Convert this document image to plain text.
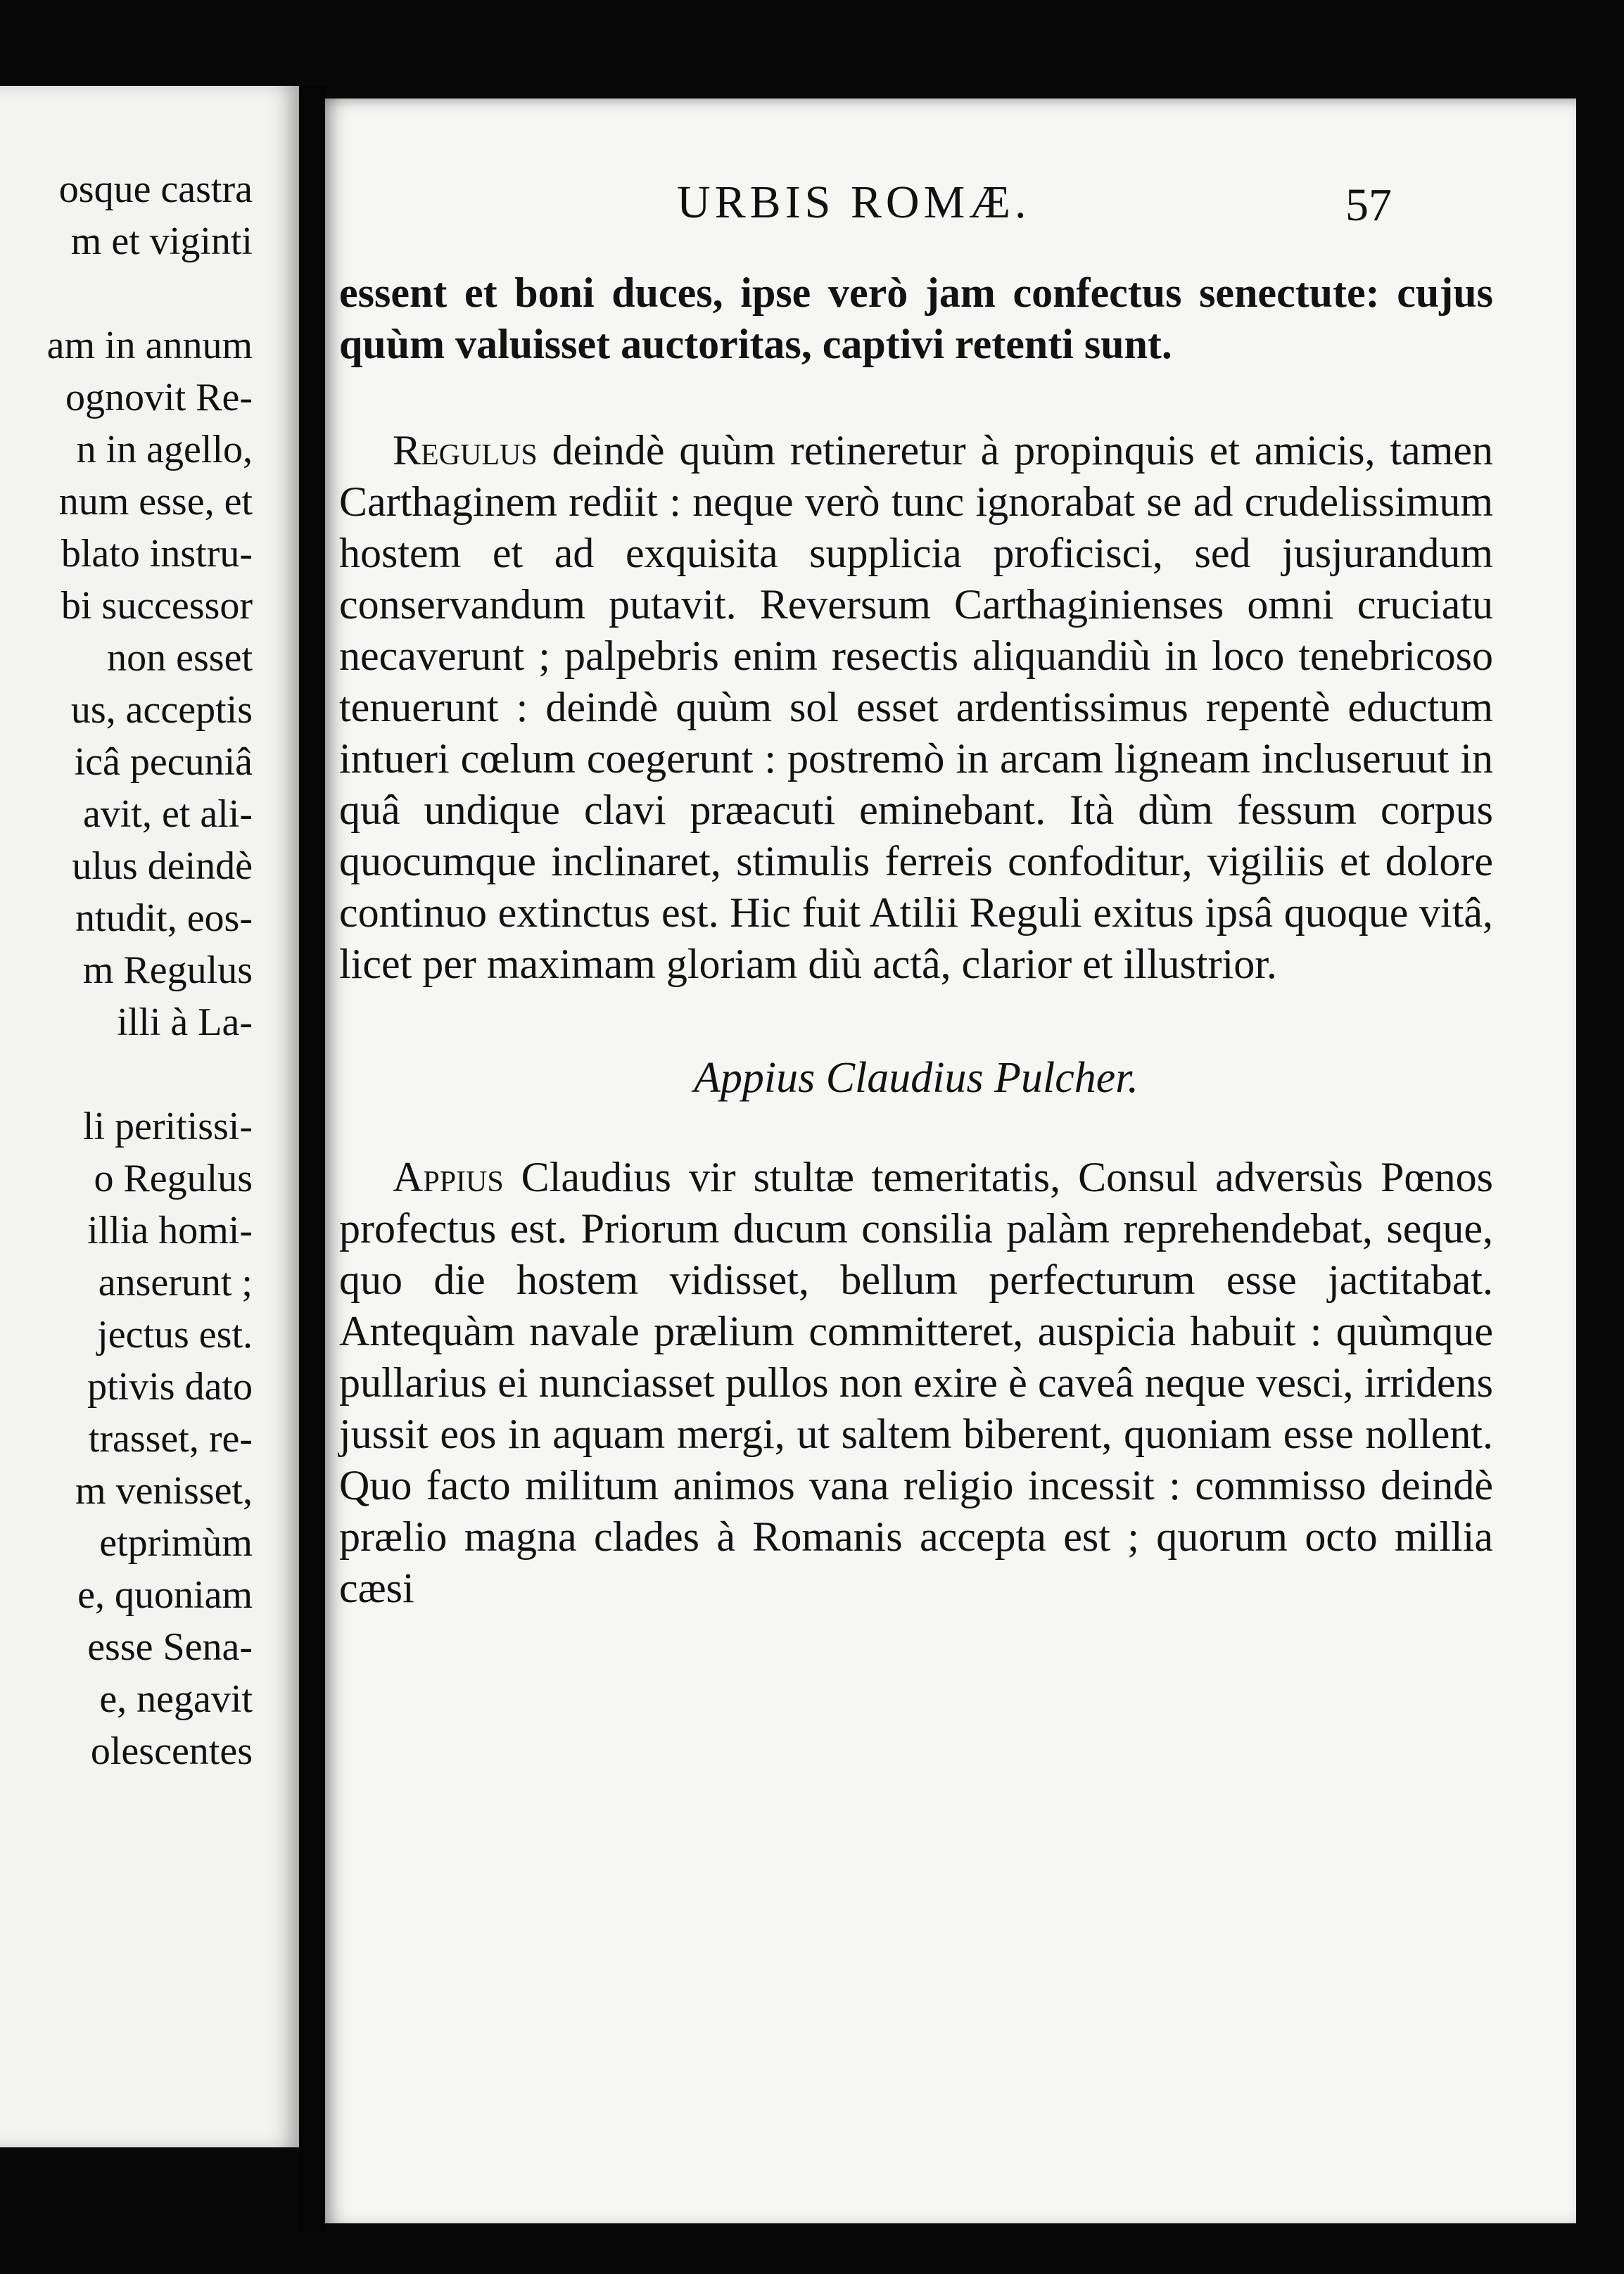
osque castra
m et viginti
am in annum
ognovit Re-
n in agello,
num esse, et
blato instru-
bi successor
non esset
us, acceptis
icâ pecuniâ
avit, et ali-
ulus deindè
ntudit, eos-
m Regulus
illi à La-
li peritissi-
o Regulus
illia homi-
anserunt ;
jectus est.
ptivis dato
trasset, re-
m venisset,
etprimùm
e, quoniam
esse Sena-
e, negavit
olescentes
URBIS ROMÆ.	57

essent et boni duces, ipse verò jam confectus senectute: cujus quùm valuisset auctoritas, captivi retenti sunt.

Regulus deindè quùm retineretur à propinquis et amicis, tamen Carthaginem rediit : neque verò tunc ignorabat se ad crudelissimum hostem et ad exquisita supplicia proficisci, sed jusjurandum conservandum putavit. Reversum Carthaginienses omni cruciatu necaverunt ; palpebris enim resectis aliquandiù in loco tenebricoso tenuerunt : deindè quùm sol esset ardentissimus repentè eductum intueri cœlum coegerunt : postremò in arcam ligneam incluseruut in quâ undique clavi præacuti eminebant. Ità dùm fessum corpus quocumque inclinaret, stimulis ferreis confoditur, vigiliis et dolore continuo extinctus est. Hic fuit Atilii Reguli exitus ipsâ quoque vitâ, licet per maximam gloriam diù actâ, clarior et illustrior.

Appius Claudius Pulcher.

Appius Claudius vir stultæ temeritatis, Consul adversùs Pœnos profectus est. Priorum ducum consilia palàm reprehendebat, seque, quo die hostem vidisset, bellum perfecturum esse jactitabat. Antequàm navale prælium committeret, auspicia habuit : quùmque pullarius ei nunciasset pullos non exire è caveâ neque vesci, irridens jussit eos in aquam mergi, ut saltem biberent, quoniam esse nollent. Quo facto militum animos vana religio incessit : commisso deindè prælio magna clades à Romanis accepta est ; quorum octo millia cæsi
